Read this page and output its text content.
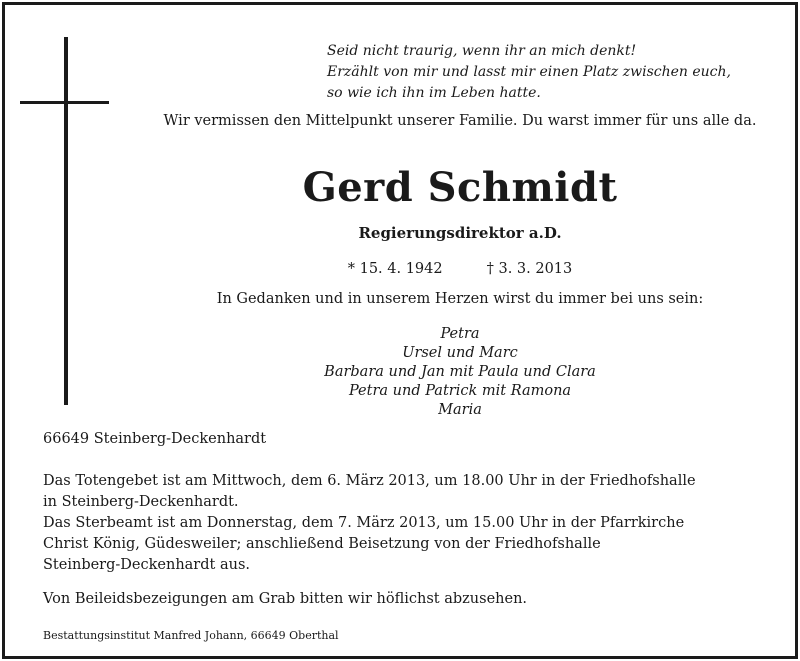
Seid nicht traurig, wenn ihr an mich denkt!
Erzählt von mir und lasst mir einen Platz zwischen euch,
so wie ich ihn im Leben hatte.
Wir vermissen den Mittelpunkt unserer Familie. Du warst immer für uns alle da.
Gerd Schmidt
Regierungsdirektor a.D.
* 15. 4. 1942	† 3. 3. 2013
In Gedanken und in unserem Herzen wirst du immer bei uns sein:
Petra
Ursel und Marc
Barbara und Jan mit Paula und Clara
Petra und Patrick mit Ramona
Maria
66649 Steinberg-Deckenhardt
Das Totengebet ist am Mittwoch, dem 6. März 2013, um 18.00 Uhr in der Friedhofshalle
in Steinberg-Deckenhardt.
Das Sterbeamt ist am Donnerstag, dem 7. März 2013, um 15.00 Uhr in der Pfarrkirche
Christ König, Güdesweiler; anschließend Beisetzung von der Friedhofshalle
Steinberg-Deckenhardt aus.
Von Beileidsbezeigungen am Grab bitten wir höflichst abzusehen.
Bestattungsinstitut Manfred Johann, 66649 Oberthal
